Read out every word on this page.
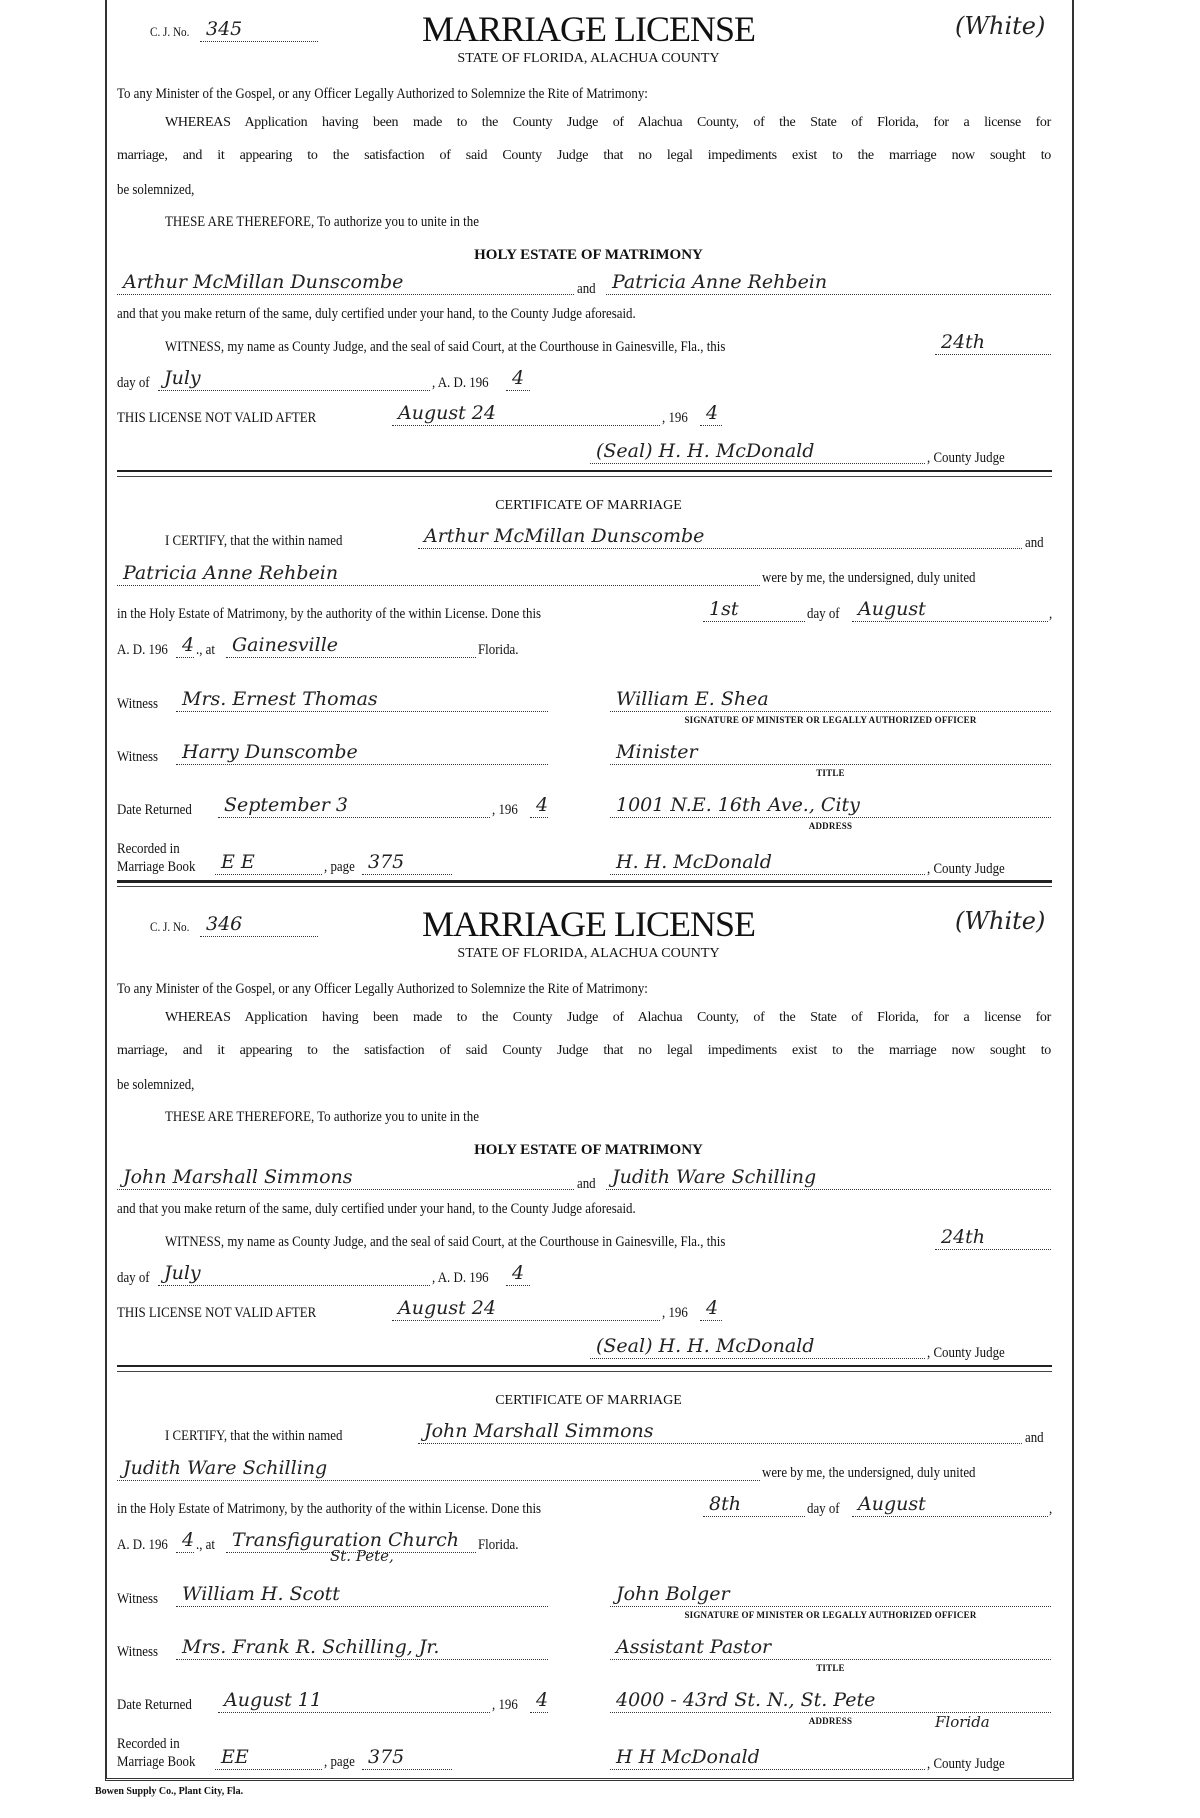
C. J. No. 345	MARRIAGE LICENSE
STATE OF FLORIDA, ALACHUA COUNTY
(White)
To any Minister of the Gospel, or any Officer Legally Authorized to Solemnize the Rite of Matrimony:
WHEREAS Application having been made to the County Judge of Alachua County, of the State of Florida, for a license for
marriage, and it appearing to the satisfaction of said County Judge that no legal impediments exist to the marriage now sought to
be solemnized,
THESE ARE THEREFORE, To authorize you to unite in the
HOLY ESTATE OF MATRIMONY
Arthur McMillan Dunscombe	and Patricia Anne Rehbein
and that you make return of the same, duly certified under your hand, to the County Judge aforesaid.
WITNESS, my name as County Judge, and the seal of said Court, at the Courthouse in Gainesville, Fla., this	24th
day of July	, A. D. 196 4
THIS LICENSE NOT VALID AFTER	August 24	, 196 4
(Seal) H. H. McDonald	, County Judge
CERTIFICATE OF MARRIAGE
I CERTIFY, that the within named	Arthur McMillan Dunscombe	and
Patricia Anne Rehbein	were by me, the undersigned, duly united
in the Holy Estate of Matrimony, by the authority of the within License. Done this	1st	day of August	,
A. D. 196 4 ., at Gainesville	Florida.
Witness Mrs. Ernest Thomas	William E. Shea
SIGNATURE OF MINISTER OR LEGALLY AUTHORIZED OFFICER
Witness Harry Dunscombe	Minister
TITLE
Date Returned September 3	, 196 4	1001 N.E. 16th Ave., City
ADDRESS
Recorded in
Marriage Book E E	, page 375	H. H. McDonald	, County Judge
C. J. No. 346	MARRIAGE LICENSE
STATE OF FLORIDA, ALACHUA COUNTY
(White)
To any Minister of the Gospel, or any Officer Legally Authorized to Solemnize the Rite of Matrimony:
WHEREAS Application having been made to the County Judge of Alachua County, of the State of Florida, for a license for
marriage, and it appearing to the satisfaction of said County Judge that no legal impediments exist to the marriage now sought to
be solemnized,
THESE ARE THEREFORE, To authorize you to unite in the
HOLY ESTATE OF MATRIMONY
John Marshall Simmons	and Judith Ware Schilling
and that you make return of the same, duly certified under your hand, to the County Judge aforesaid.
WITNESS, my name as County Judge, and the seal of said Court, at the Courthouse in Gainesville, Fla., this	24th
day of July	, A. D. 196 4
THIS LICENSE NOT VALID AFTER	August 24	, 196 4
(Seal) H. H. McDonald	, County Judge
CERTIFICATE OF MARRIAGE
I CERTIFY, that the within named	John Marshall Simmons	and
Judith Ware Schilling	were by me, the undersigned, duly united
in the Holy Estate of Matrimony, by the authority of the within License. Done this	8th	day of August	,
A. D. 196 4 ., at Transfiguration Church
St. Pete,
Florida.
Witness William H. Scott	John Bolger
SIGNATURE OF MINISTER OR LEGALLY AUTHORIZED OFFICER
Witness Mrs. Frank R. Schilling, Jr.	Assistant Pastor
TITLE
Date Returned August 11	, 196 4	4000 - 43rd St. N., St. Pete
ADDRESS	Florida
Recorded in
Marriage Book EE	, page 375	H H McDonald	, County Judge
Bowen Supply Co., Plant City, Fla.
